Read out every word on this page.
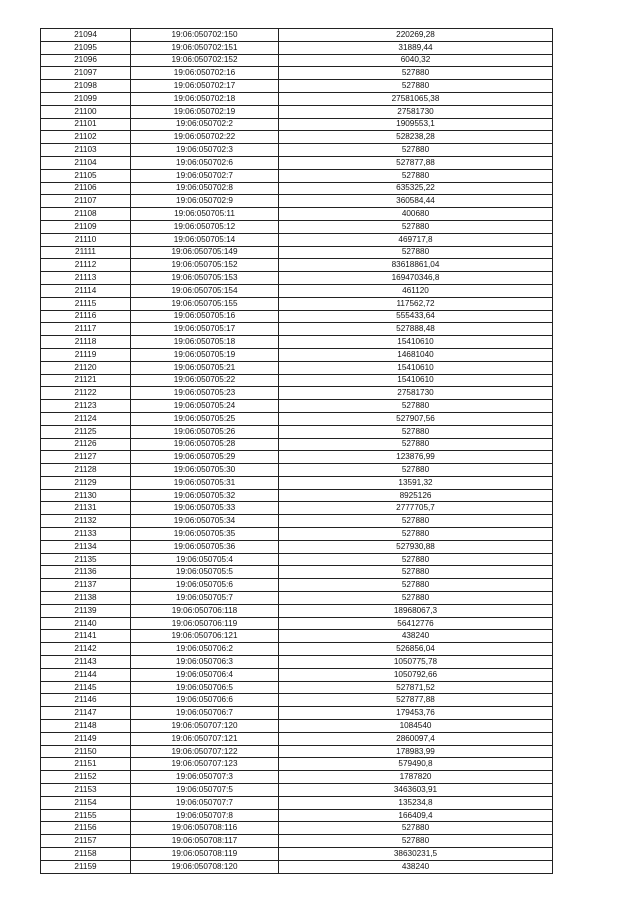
21094	19:06:050702:150	220269,28
21095	19:06:050702:151	31889,44
21096	19:06:050702:152	6040,32
21097	19:06:050702:16	527880
21098	19:06:050702:17	527880
21099	19:06:050702:18	27581065,38
21100	19:06:050702:19	27581730
21101	19:06:050702:2	1909553,1
21102	19:06:050702:22	528238,28
21103	19:06:050702:3	527880
21104	19:06:050702:6	527877,88
21105	19:06:050702:7	527880
21106	19:06:050702:8	635325,22
21107	19:06:050702:9	360584,44
21108	19:06:050705:11	400680
21109	19:06:050705:12	527880
21110	19:06:050705:14	469717,8
21111	19:06:050705:149	527880
21112	19:06:050705:152	83618861,04
21113	19:06:050705:153	169470346,8
21114	19:06:050705:154	461120
21115	19:06:050705:155	117562,72
21116	19:06:050705:16	555433,64
21117	19:06:050705:17	527888,48
21118	19:06:050705:18	15410610
21119	19:06:050705:19	14681040
21120	19:06:050705:21	15410610
21121	19:06:050705:22	15410610
21122	19:06:050705:23	27581730
21123	19:06:050705:24	527880
21124	19:06:050705:25	527907,56
21125	19:06:050705:26	527880
21126	19:06:050705:28	527880
21127	19:06:050705:29	123876,99
21128	19:06:050705:30	527880
21129	19:06:050705:31	13591,32
21130	19:06:050705:32	8925126
21131	19:06:050705:33	2777705,7
21132	19:06:050705:34	527880
21133	19:06:050705:35	527880
21134	19:06:050705:36	527930,88
21135	19:06:050705:4	527880
21136	19:06:050705:5	527880
21137	19:06:050705:6	527880
21138	19:06:050705:7	527880
21139	19:06:050706:118	18968067,3
21140	19:06:050706:119	56412776
21141	19:06:050706:121	438240
21142	19:06:050706:2	526856,04
21143	19:06:050706:3	1050775,78
21144	19:06:050706:4	1050792,66
21145	19:06:050706:5	527871,52
21146	19:06:050706:6	527877,88
21147	19:06:050706:7	179453,76
21148	19:06:050707:120	1084540
21149	19:06:050707:121	2860097,4
21150	19:06:050707:122	178983,99
21151	19:06:050707:123	579490,8
21152	19:06:050707:3	1787820
21153	19:06:050707:5	3463603,91
21154	19:06:050707:7	135234,8
21155	19:06:050707:8	166409,4
21156	19:06:050708:116	527880
21157	19:06:050708:117	527880
21158	19:06:050708:119	38630231,5
21159	19:06:050708:120	438240
